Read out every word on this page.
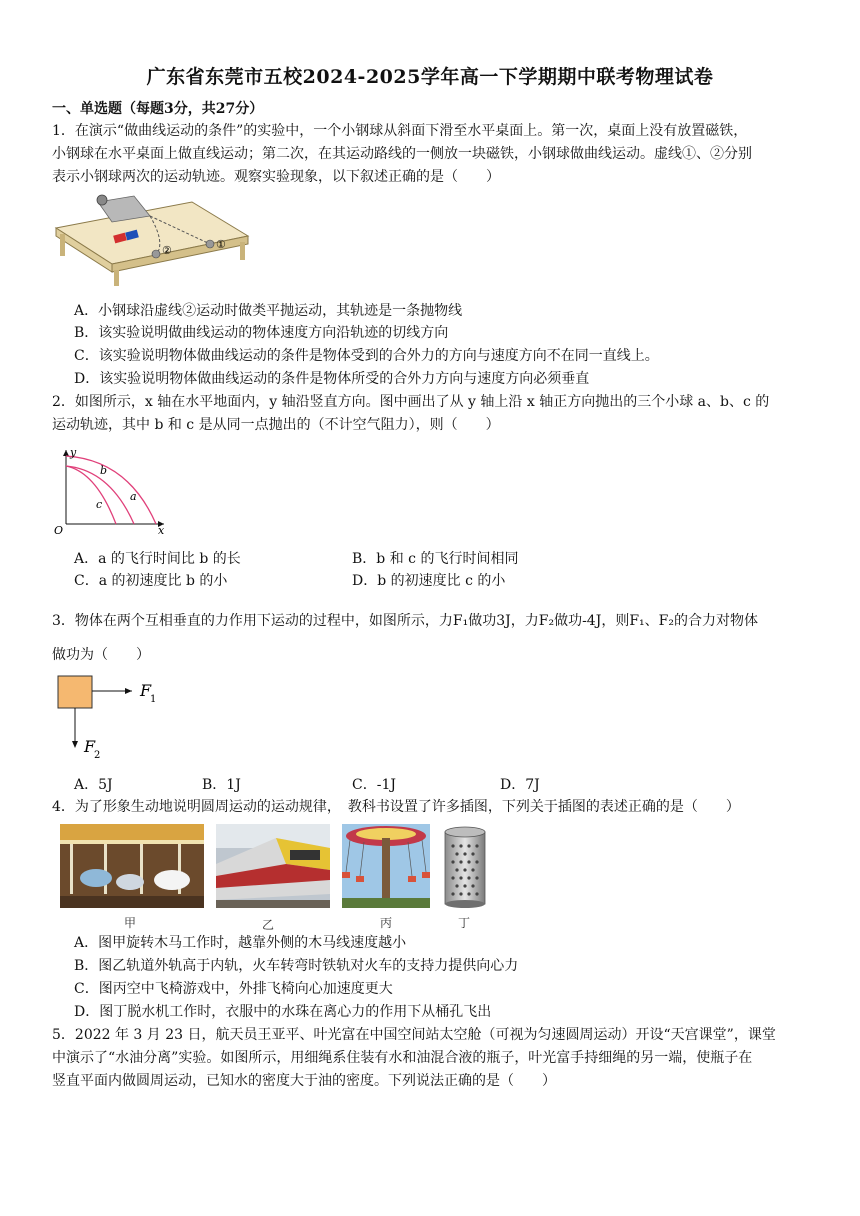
广东省东莞市五校2024-2025学年高一下学期期中联考物理试卷
一、单选题（每题3分，共27分）
1．在演示“做曲线运动的条件”的实验中，一个小钢球从斜面下滑至水平桌面上。第一次，桌面上没有放置磁铁，
小钢球在水平桌面上做直线运动；第二次，在其运动路线的一侧放一块磁铁，小钢球做曲线运动。虚线①、②分别
表示小钢球两次的运动轨迹。观察实验现象，以下叙述正确的是（　　）
①
②
A．小钢球沿虚线②运动时做类平抛运动，其轨迹是一条抛物线
B．该实验说明做曲线运动的物体速度方向沿轨迹的切线方向
C．该实验说明物体做曲线运动的条件是物体受到的合外力的方向与速度方向不在同一直线上。
D．该实验说明物体做曲线运动的条件是物体所受的合外力方向与速度方向必须垂直
2．如图所示，x 轴在水平地面内，y 轴沿竖直方向。图中画出了从 y 轴上沿 x 轴正方向抛出的三个小球 a、b、c 的
运动轨迹，其中 b 和 c 是从同一点抛出的（不计空气阻力），则（　　）
y
x
O
a
b
c
A．a 的飞行时间比 b 的长	B．b 和 c 的飞行时间相同
C．a 的初速度比 b 的小	D．b 的初速度比 c 的小
3．物体在两个互相垂直的力作用下运动的过程中，如图所示，力F₁做功3J，力F₂做功-4J，则F₁、F₂的合力对物体
做功为（　　）
F
1
F
2
A．5J	B．1J	C．-1J	D．7J
4．为了形象生动地说明圆周运动的运动规律，　教科书设置了许多插图，下列关于插图的表述正确的是（　　）
甲	乙	丙	丁
A．图甲旋转木马工作时，越靠外侧的木马线速度越小
B．图乙轨道外轨高于内轨，火车转弯时铁轨对火车的支持力提供向心力
C．图丙空中飞椅游戏中，外排飞椅向心加速度更大
D．图丁脱水机工作时，衣服中的水珠在离心力的作用下从桶孔飞出
5．2022 年 3 月 23 日，航天员王亚平、叶光富在中国空间站太空舱（可视为匀速圆周运动）开设“天宫课堂”，课堂
中演示了“水油分离”实验。如图所示，用细绳系住装有水和油混合液的瓶子，叶光富手持细绳的另一端，使瓶子在
竖直平面内做圆周运动，已知水的密度大于油的密度。下列说法正确的是（　　）
